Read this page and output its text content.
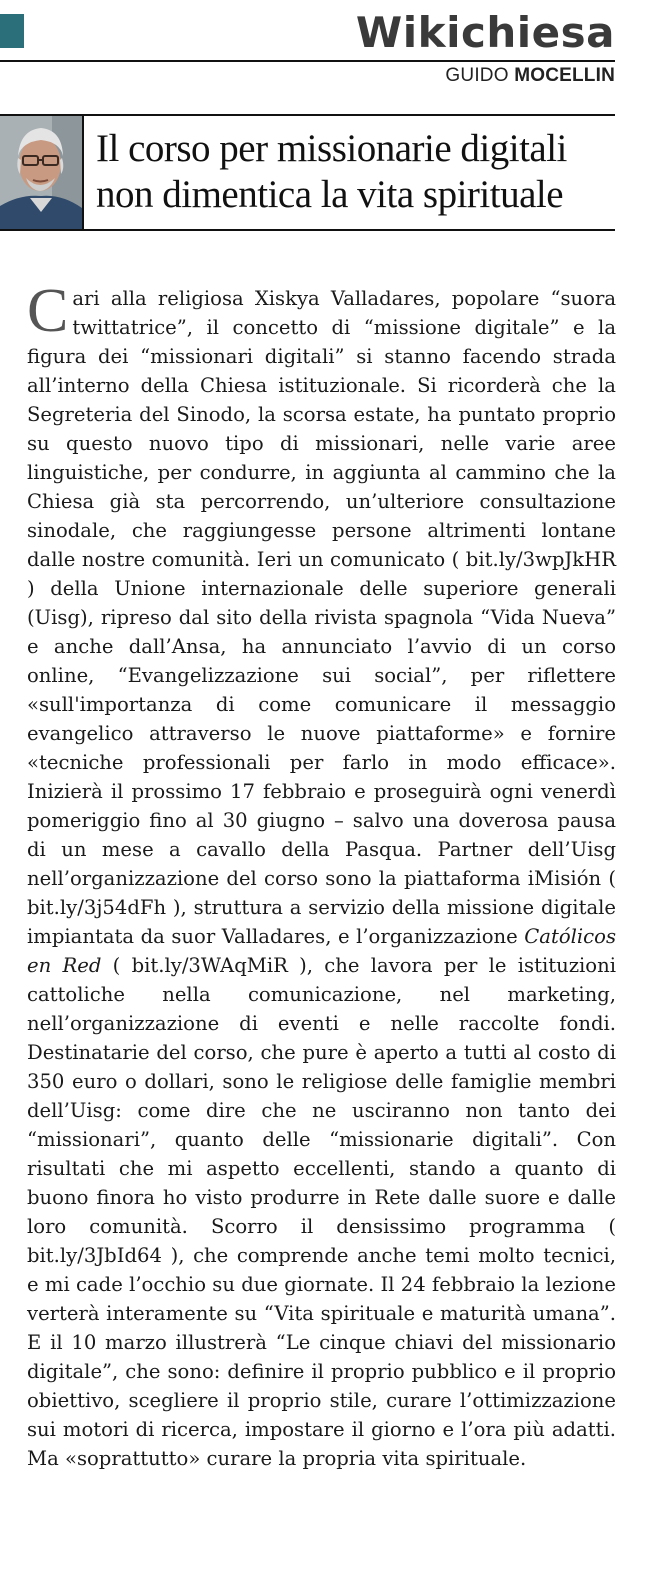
Wikichiesa
GUIDO MOCELLIN
Il corso per missionarie digitali
non dimentica la vita spirituale

Cari alla religiosa Xiskya Valladares, popolare “suora twittatrice”, il concetto di “missione digitale” e la figura dei “missionari digitali” si stanno facendo strada all’interno della Chiesa istituzionale. Si ricorderà che la Segreteria del Sinodo, la scorsa estate, ha puntato proprio su questo nuovo tipo di missionari, nelle varie aree linguistiche, per condurre, in aggiunta al cammino che la Chiesa già sta percorrendo, un’ulteriore consultazione sinodale, che raggiungesse persone altrimenti lontane dalle nostre comunità. Ieri un comunicato ( bit.ly/3wpJkHR ) della Unione internazionale delle superiore generali (Uisg), ripreso dal sito della rivista spagnola “Vida Nueva” e anche dall’Ansa, ha annunciato l’avvio di un corso online, “Evangelizzazione sui social”, per riflettere «sull'importanza di come comunicare il messaggio evangelico attraverso le nuove piattaforme» e fornire «tecniche professionali per farlo in modo efficace». Inizierà il prossimo 17 febbraio e proseguirà ogni venerdì pomeriggio fino al 30 giugno – salvo una doverosa pausa di un mese a cavallo della Pasqua. Partner dell’Uisg nell’organizzazione del corso sono la piattaforma iMisión ( bit.ly/3j54dFh ), struttura a servizio della missione digitale impiantata da suor Valladares, e l’organizzazione Católicos en Red ( bit.ly/3WAqMiR ), che lavora per le istituzioni cattoliche nella comunicazione, nel marketing, nell’organizzazione di eventi e nelle raccolte fondi. Destinatarie del corso, che pure è aperto a tutti al costo di 350 euro o dollari, sono le religiose delle famiglie membri dell’Uisg: come dire che ne usciranno non tanto dei “missionari”, quanto delle “missionarie digitali”. Con risultati che mi aspetto eccellenti, stando a quanto di buono finora ho visto produrre in Rete dalle suore e dalle loro comunità. Scorro il densissimo programma ( bit.ly/3JbId64 ), che comprende anche temi molto tecnici, e mi cade l’occhio su due giornate. Il 24 febbraio la lezione verterà interamente su “Vita spirituale e maturità umana”. E il 10 marzo illustrerà “Le cinque chiavi del missionario digitale”, che sono: definire il proprio pubblico e il proprio obiettivo, scegliere il proprio stile, curare l’ottimizzazione sui motori di ricerca, impostare il giorno e l’ora più adatti. Ma «soprattutto» curare la propria vita spirituale.
